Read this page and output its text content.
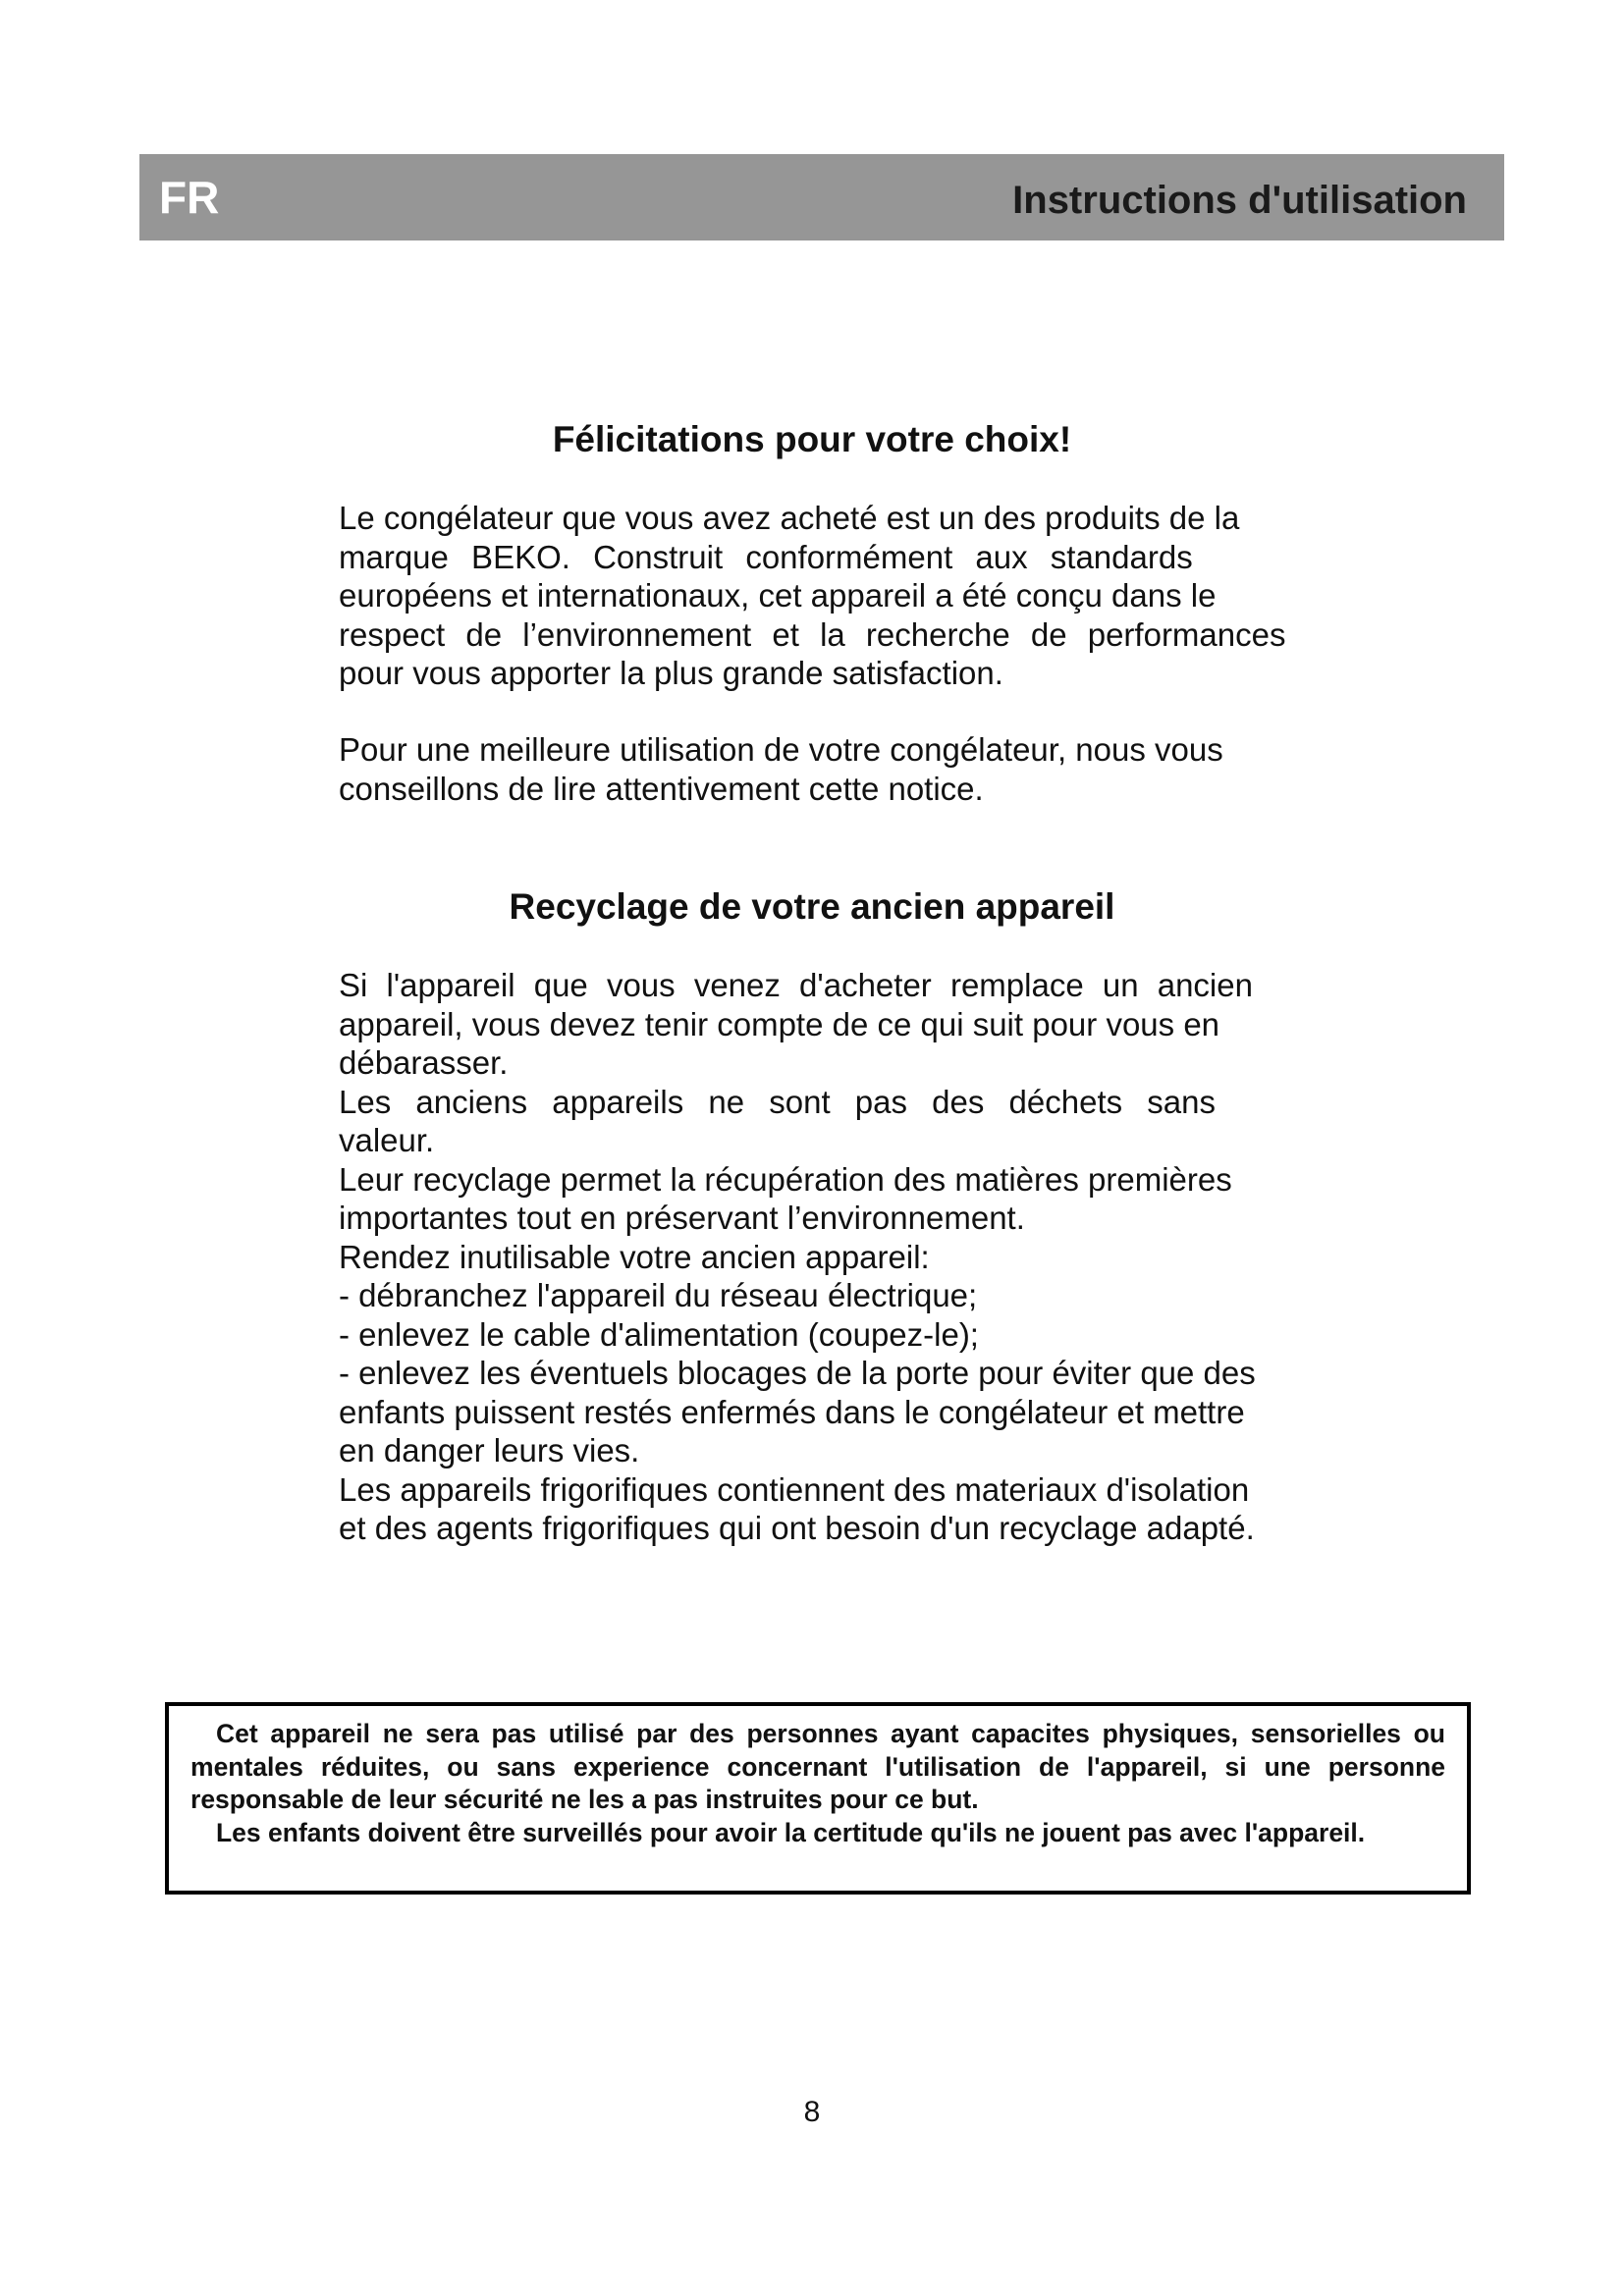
FR	Instructions d'utilisation
Félicitations pour votre choix!

Le congélateur que vous avez acheté est un des produits de la
marque BEKO. Construit conformément aux standards
européens et internationaux, cet appareil a été conçu dans le
respect de l’environnement et la recherche de performances
pour vous apporter la plus grande satisfaction.

Pour une meilleure utilisation de votre congélateur, nous vous
conseillons de lire attentivement cette notice.

Recyclage de votre ancien appareil

Si l'appareil que vous venez d'acheter remplace un ancien
appareil, vous devez tenir compte de ce qui suit pour vous en
débarasser.
Les anciens appareils ne sont pas des déchets sans valeur.
Leur recyclage permet la récupération des matières premières
importantes tout en préservant l’environnement.
Rendez inutilisable votre ancien appareil:
- débranchez l'appareil du réseau électrique;
- enlevez le cable d'alimentation (coupez-le);
- enlevez les éventuels blocages de la porte pour éviter que des
enfants puissent restés enfermés dans le congélateur et mettre
en danger leurs vies.
Les appareils frigorifiques contiennent des materiaux d'isolation
et des agents frigorifiques qui ont besoin d'un recyclage adapté.

Cet appareil ne sera pas utilisé par des personnes ayant capacites physiques, sensorielles ou mentales réduites, ou sans experience concernant l'utilisation de l'appareil, si une personne responsable de leur sécurité ne les a pas instruites pour ce but.

Les enfants doivent être surveillés pour avoir la certitude qu'ils ne jouent pas avec l'appareil.

8
